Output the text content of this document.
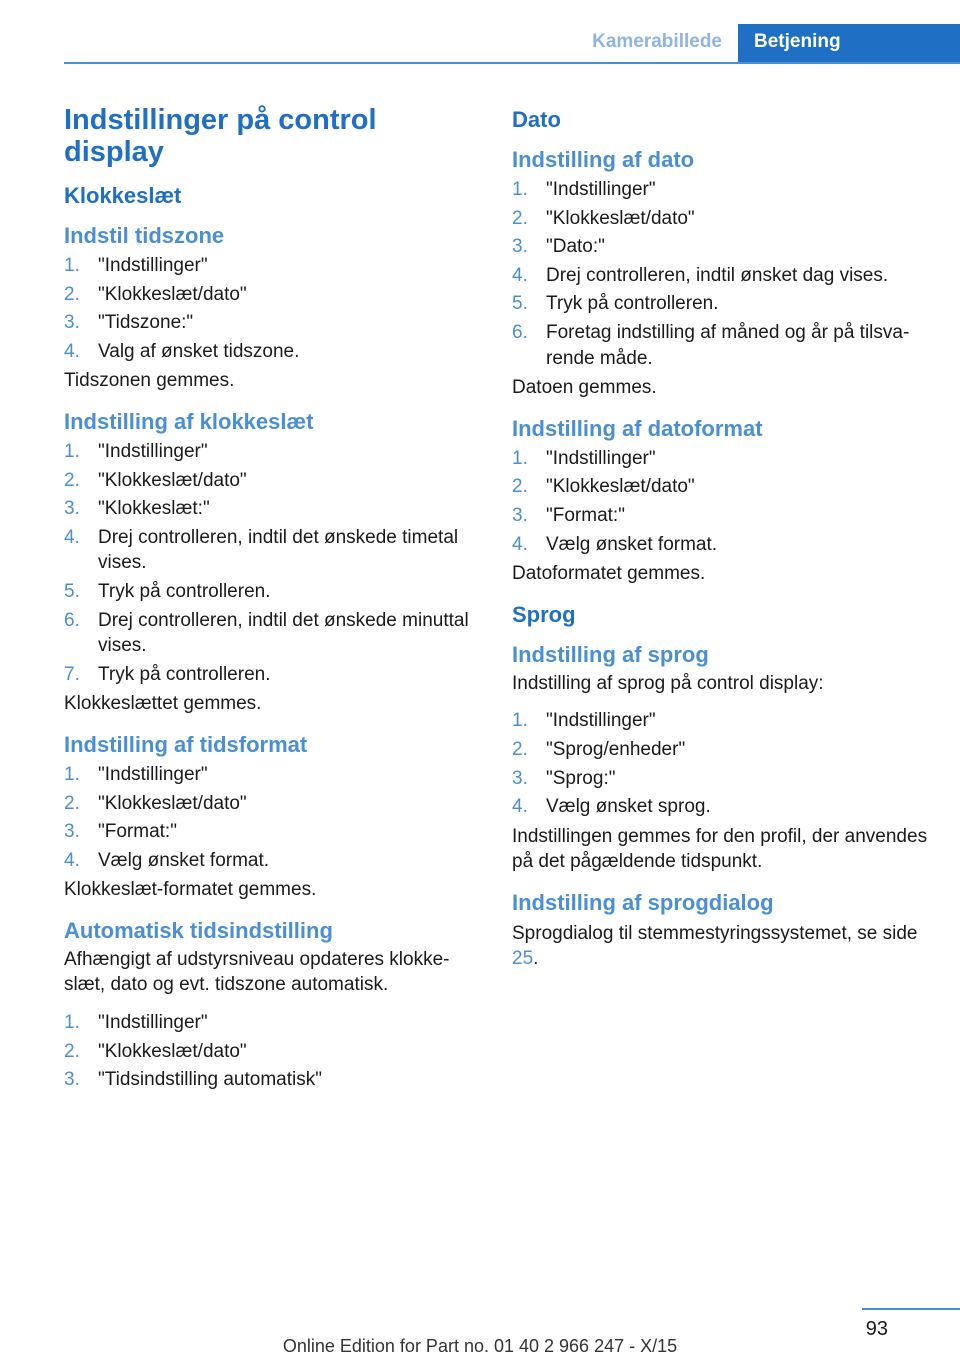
Kamerabillede	Betjening
Indstillinger på control display
Klokkeslæt
Indstil tidszone
1. "Indstillinger"
2. "Klokkeslæt/dato"
3. "Tidszone:"
4. Valg af ønsket tidszone.

Tidszonen gemmes.

Indstilling af klokkeslæt
1. "Indstillinger"
2. "Klokkeslæt/dato"
3. "Klokkeslæt:"
4. Drej controlleren, indtil det ønskede timetal vises.
5. Tryk på controlleren.
6. Drej controlleren, indtil det ønskede minuttal vises.
7. Tryk på controlleren.

Klokkeslættet gemmes.

Indstilling af tidsformat
1. "Indstillinger"
2. "Klokkeslæt/dato"
3. "Format:"
4. Vælg ønsket format.

Klokkeslæt-formatet gemmes.

Automatisk tidsindstilling

Afhængigt af udstyrsniveau opdateres klokkeslæt, dato og evt. tidszone automatisk.

1. "Indstillinger"
2. "Klokkeslæt/dato"
3. "Tidsindstilling automatisk"
Dato
Indstilling af dato
1. "Indstillinger"
2. "Klokkeslæt/dato"
3. "Dato:"
4. Drej controlleren, indtil ønsket dag vises.
5. Tryk på controlleren.
6. Foretag indstilling af måned og år på tilsvarende måde.

Datoen gemmes.

Indstilling af datoformat
1. "Indstillinger"
2. "Klokkeslæt/dato"
3. "Format:"
4. Vælg ønsket format.

Datoformatet gemmes.

Sprog
Indstilling af sprog

Indstilling af sprog på control display:

1. "Indstillinger"
2. "Sprog/enheder"
3. "Sprog:"
4. Vælg ønsket sprog.

Indstillingen gemmes for den profil, der anvendes på det pågældende tidspunkt.

Indstilling af sprogdialog

Sprogdialog til stemmestyringssystemet, se side 25.

93
Online Edition for Part no. 01 40 2 966 247 - X/15
